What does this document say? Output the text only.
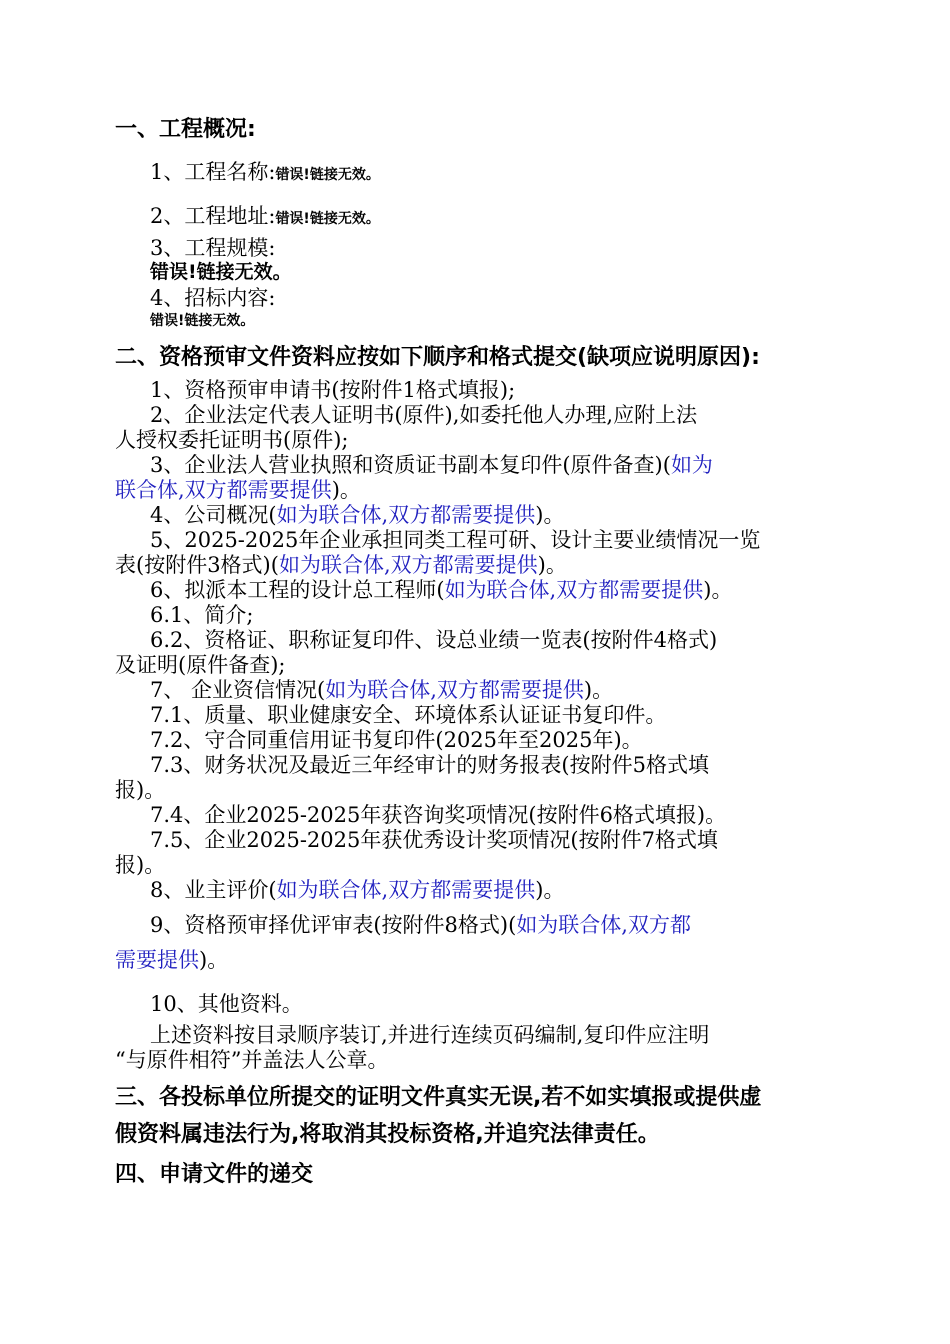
一、工程概况:
1、工程名称:错误!链接无效。
2、工程地址:错误!链接无效。
3、工程规模:
错误!链接无效。
4、招标内容:
错误!链接无效。
二、资格预审文件资料应按如下顺序和格式提交(缺项应说明原因):
1、资格预审申请书(按附件1格式填报);
2、企业法定代表人证明书(原件),如委托他人办理,应附上法
人授权委托证明书(原件);
3、企业法人营业执照和资质证书副本复印件(原件备查)(如为
联合体,双方都需要提供)。
4、公司概况(如为联合体,双方都需要提供)。
5、2025-2025年企业承担同类工程可研、设计主要业绩情况一览
表(按附件3格式)(如为联合体,双方都需要提供)。
6、拟派本工程的设计总工程师(如为联合体,双方都需要提供)。
6.1、简介;
6.2、资格证、职称证复印件、设总业绩一览表(按附件4格式)
及证明(原件备查);
7、 企业资信情况(如为联合体,双方都需要提供)。
7.1、质量、职业健康安全、环境体系认证证书复印件。
7.2、守合同重信用证书复印件(2025年至2025年)。
7.3、财务状况及最近三年经审计的财务报表(按附件5格式填
报)。
7.4、企业2025-2025年获咨询奖项情况(按附件6格式填报)。
7.5、企业2025-2025年获优秀设计奖项情况(按附件7格式填
报)。
8、业主评价(如为联合体,双方都需要提供)。
9、资格预审择优评审表(按附件8格式)(如为联合体,双方都
需要提供)。
10、其他资料。
上述资料按目录顺序装订,并进行连续页码编制,复印件应注明
“与原件相符”并盖法人公章。
三、各投标单位所提交的证明文件真实无误,若不如实填报或提供虚
假资料属违法行为,将取消其投标资格,并追究法律责任。
四、申请文件的递交
